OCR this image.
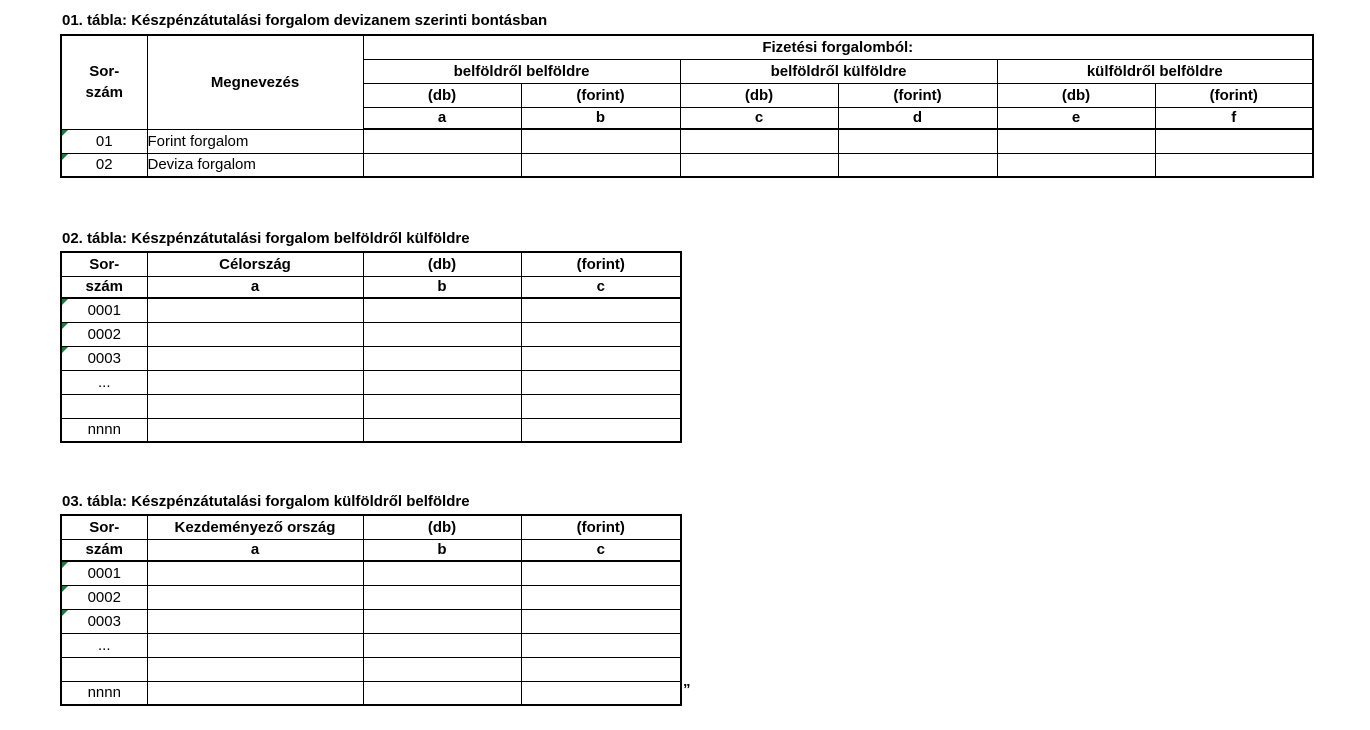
01. tábla: Készpénzátutalási forgalom devizanem szerinti bontásban
Sor-
szám	Megnevezés	Fizetési forgalomból:					
		belföldről belföldre		belföldről külföldre		külföldről belföldre	
		(db)	(forint)	(db)	(forint)	(db)	(forint)
		a	b	c	d	e	f
01	Forint forgalom						
02	Deviza forgalom						
02. tábla: Készpénzátutalási forgalom belföldről külföldre
Sor-	Célország	(db)	(forint)
szám	a	b	c
0001			
0002			
0003			
...			

nnnn			
03. tábla: Készpénzátutalási forgalom külföldről belföldre
Sor-	Kezdeményező ország	(db)	(forint)
szám	a	b	c
0001			
0002			
0003			
...			

nnnn				”
